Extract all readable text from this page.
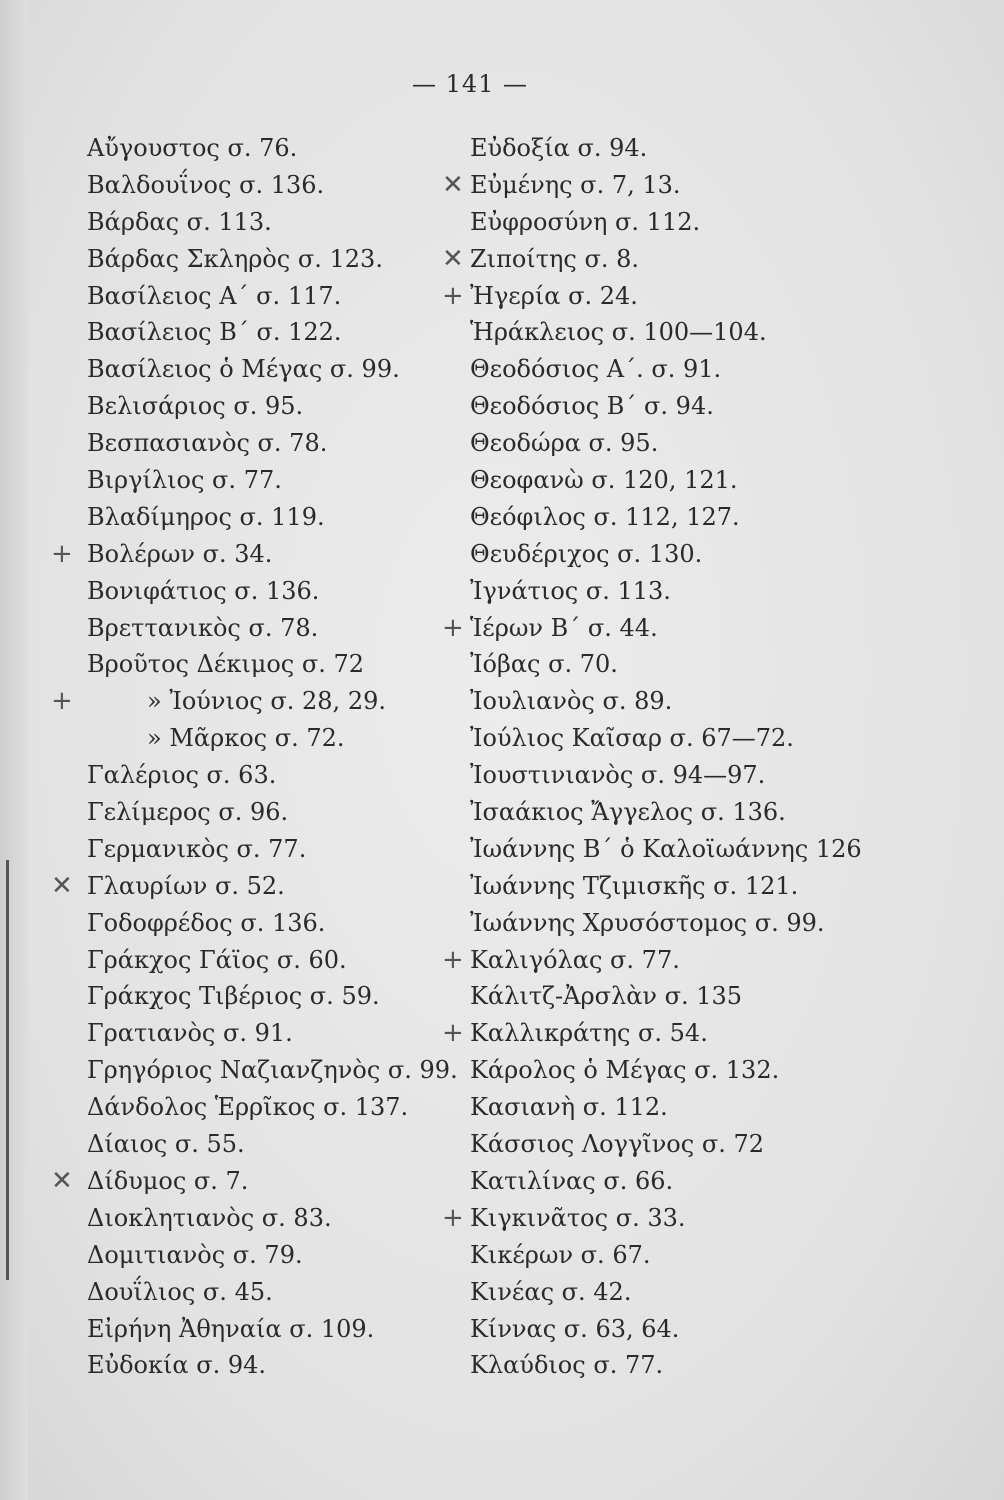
— 141 —
Αὔγουστος σ. 76.
Βαλδουΐνος σ. 136.
Βάρδας σ. 113.
Βάρδας Σκληρὸς σ. 123.
Βασίλειος Α΄ σ. 117.
Βασίλειος Β΄ σ. 122.
Βασίλειος ὁ Μέγας σ. 99.
Βελισάριος σ. 95.
Βεσπασιανὸς σ. 78.
Βιργίλιος σ. 77.
Βλαδίμηρος σ. 119.
+ Βολέρων σ. 34.
Βονιφάτιος σ. 136.
Βρεττανικὸς σ. 78.
Βροῦτος Δέκιμος σ. 72
+	» Ἰούνιος σ. 28, 29.
» Μᾶρκος σ. 72.
Γαλέριος σ. 63.
Γελίμερος σ. 96.
Γερμανικὸς σ. 77.
✕ Γλαυρίων σ. 52.
Γοδοφρέδος σ. 136.
Γράκχος Γάϊος σ. 60.
Γράκχος Τιβέριος σ. 59.
Γρατιανὸς σ. 91.
Γρηγόριος Ναζιανζηνὸς σ. 99.
Δάνδολος Ἑρρῖκος σ. 137.
Δίαιος σ. 55.
✕ Δίδυμος σ. 7.
Διοκλητιανὸς σ. 83.
Δομιτιανὸς σ. 79.
Δουΐλιος σ. 45.
Εἰρήνη Ἀθηναία σ. 109.
Εὐδοκία σ. 94.
Εὐδοξία σ. 94.
✕ Εὐμένης σ. 7, 13.
Εὐφροσύνη σ. 112.
✕ Ζιποίτης σ. 8.
+ Ἠγερία σ. 24.
Ἡράκλειος σ. 100—104.
Θεοδόσιος Α΄. σ. 91.
Θεοδόσιος Β΄ σ. 94.
Θεοδώρα σ. 95.
Θεοφανὼ σ. 120, 121.
Θεόφιλος σ. 112, 127.
Θευδέριχος σ. 130.
Ἰγνάτιος σ. 113.
+ Ἱέρων Β΄ σ. 44.
Ἰόβας σ. 70.
Ἰουλιανὸς σ. 89.
Ἰούλιος Καῖσαρ σ. 67—72.
Ἰουστινιανὸς σ. 94—97.
Ἰσαάκιος Ἄγγελος σ. 136.
Ἰωάννης Β΄ ὁ Καλοϊωάννης 126
Ἰωάννης Τζιμισκῆς σ. 121.
Ἰωάννης Χρυσόστομος σ. 99.
+ Καλιγόλας σ. 77.
Κάλιτζ-Ἀρσλὰν σ. 135
+ Καλλικράτης σ. 54.
Κάρολος ὁ Μέγας σ. 132.
Κασιανὴ σ. 112.
Κάσσιος Λογγῖνος σ. 72
Κατιλίνας σ. 66.
+ Κιγκινᾶτος σ. 33.
Κικέρων σ. 67.
Κινέας σ. 42.
Κίννας σ. 63, 64.
Κλαύδιος σ. 77.
